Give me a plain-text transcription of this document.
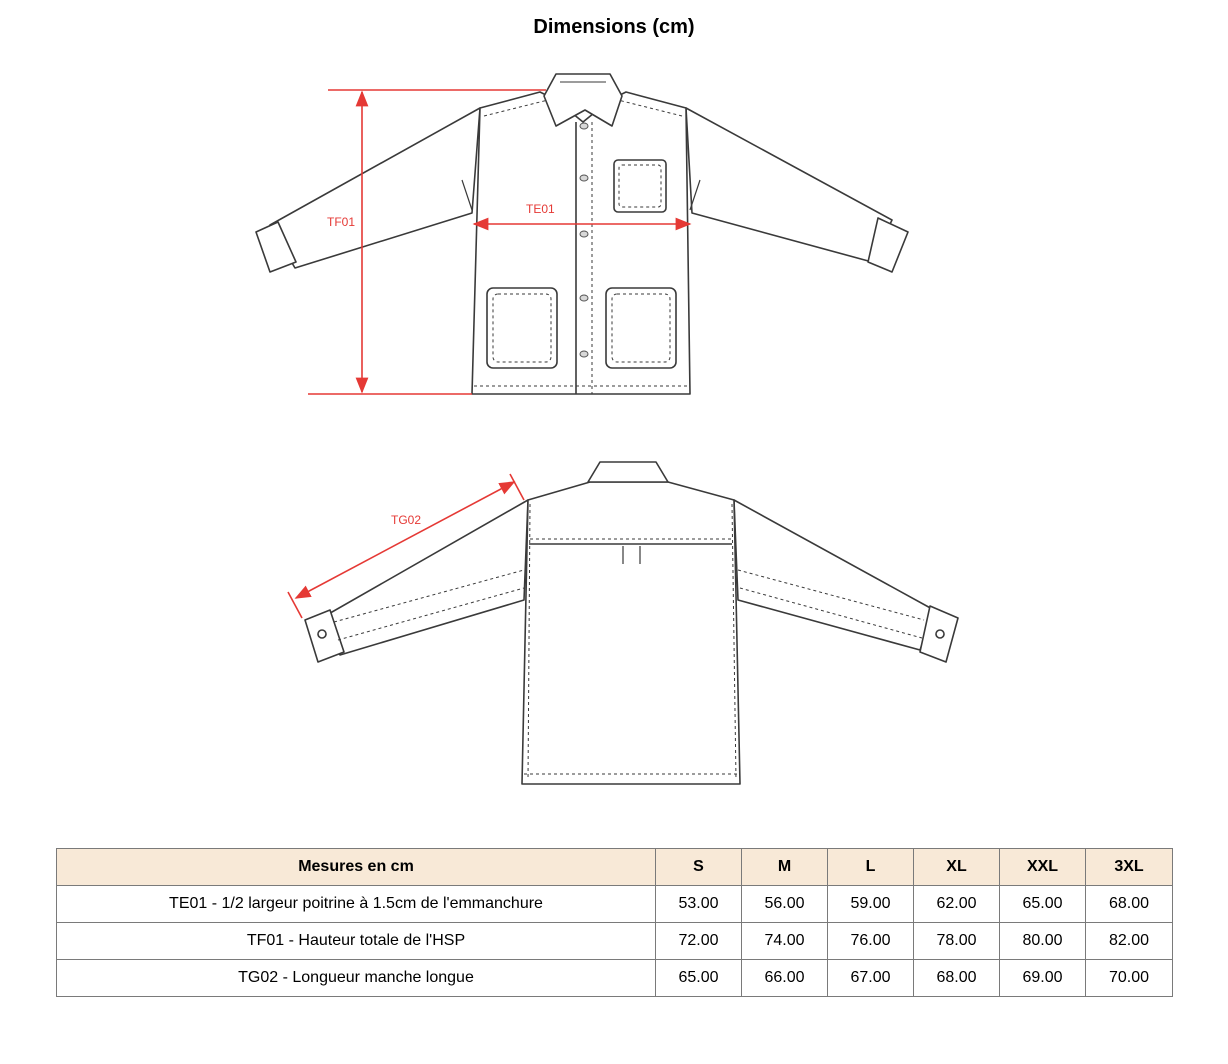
Dimensions (cm)
TF01
TE01
TG02
Mesures en cm	S	M	L	XL	XXL	3XL
TE01 - 1/2 largeur poitrine à 1.5cm de l'emmanchure	53.00	56.00	59.00	62.00	65.00	68.00
TF01 - Hauteur totale de l'HSP	72.00	74.00	76.00	78.00	80.00	82.00
TG02 - Longueur manche longue	65.00	66.00	67.00	68.00	69.00	70.00
